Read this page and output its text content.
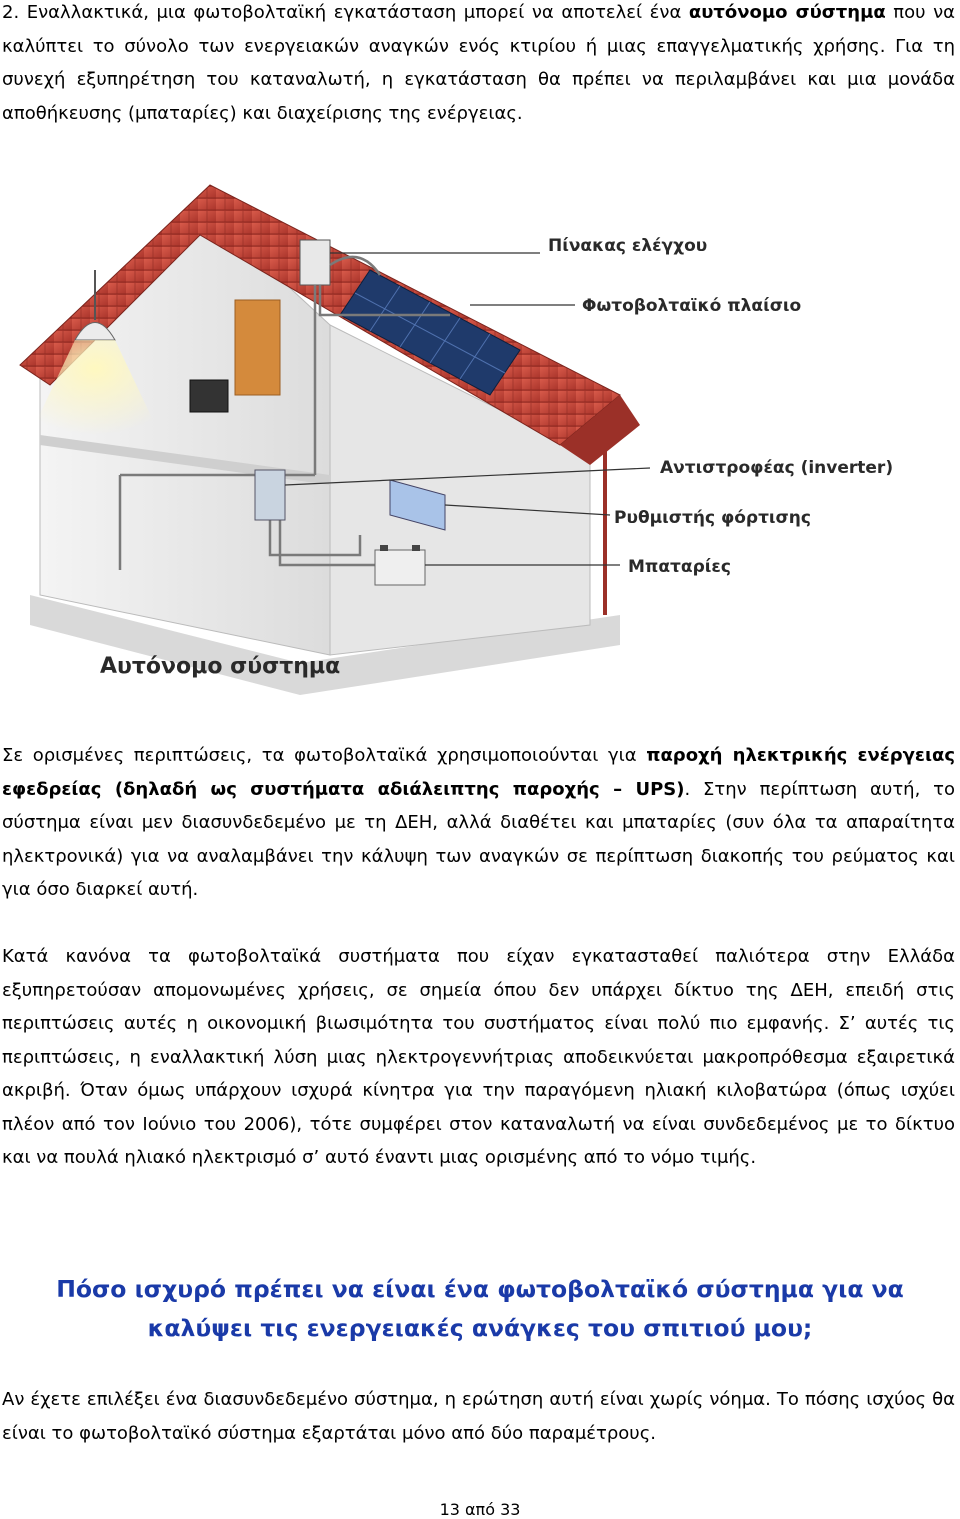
2. Εναλλακτικά, μια φωτοβολταϊκή εγκατάσταση μπορεί να αποτελεί ένα αυτόνομο σύστημα που να καλύπτει το σύνολο των ενεργειακών αναγκών ενός κτιρίου ή μιας επαγγελματικής χρήσης. Για τη συνεχή εξυπηρέτηση του καταναλωτή, η εγκατάσταση θα πρέπει να περιλαμβάνει και μια μονάδα αποθήκευσης (μπαταρίες) και διαχείρισης της ενέργειας.

Πίνακας ελέγχου
Φωτοβολταϊκό πλαίσιο
Αντιστροφέας (inverter)
Ρυθμιστής φόρτισης
Μπαταρίες
Αυτόνομο σύστημα

Σε ορισμένες περιπτώσεις, τα φωτοβολταϊκά χρησιμοποιούνται για παροχή ηλεκτρικής ενέργειας εφεδρείας (δηλαδή ως συστήματα αδιάλειπτης παροχής – UPS). Στην περίπτωση αυτή, το σύστημα είναι μεν διασυνδεδεμένο με τη ΔΕΗ, αλλά διαθέτει και μπαταρίες (συν όλα τα απαραίτητα ηλεκτρονικά) για να αναλαμβάνει την κάλυψη των αναγκών σε περίπτωση διακοπής του ρεύματος και για όσο διαρκεί αυτή.

Κατά κανόνα τα φωτοβολταϊκά συστήματα που είχαν εγκατασταθεί παλιότερα στην Ελλάδα εξυπηρετούσαν απομονωμένες χρήσεις, σε σημεία όπου δεν υπάρχει δίκτυο της ΔΕΗ, επειδή στις περιπτώσεις αυτές η οικονομική βιωσιμότητα του συστήματος είναι πολύ πιο εμφανής. Σ’ αυτές τις περιπτώσεις, η εναλλακτική λύση μιας ηλεκτρογεννήτριας αποδεικνύεται μακροπρόθεσμα εξαιρετικά ακριβή. Όταν όμως υπάρχουν ισχυρά κίνητρα για την παραγόμενη ηλιακή κιλοβατώρα (όπως ισχύει πλέον από τον Ιούνιο του 2006), τότε συμφέρει στον καταναλωτή να είναι συνδεδεμένος με το δίκτυο και να πουλά ηλιακό ηλεκτρισμό σ’ αυτό έναντι μιας ορισμένης από το νόμο τιμής.

Πόσο ισχυρό πρέπει να είναι ένα φωτοβολταϊκό σύστημα για να
καλύψει τις ενεργειακές ανάγκες του σπιτιού μου;

Αν έχετε επιλέξει ένα διασυνδεδεμένο σύστημα, η ερώτηση αυτή είναι χωρίς νόημα. Το πόσης ισχύος θα είναι το φωτοβολταϊκό σύστημα εξαρτάται μόνο από δύο παραμέτρους.

13 από 33
